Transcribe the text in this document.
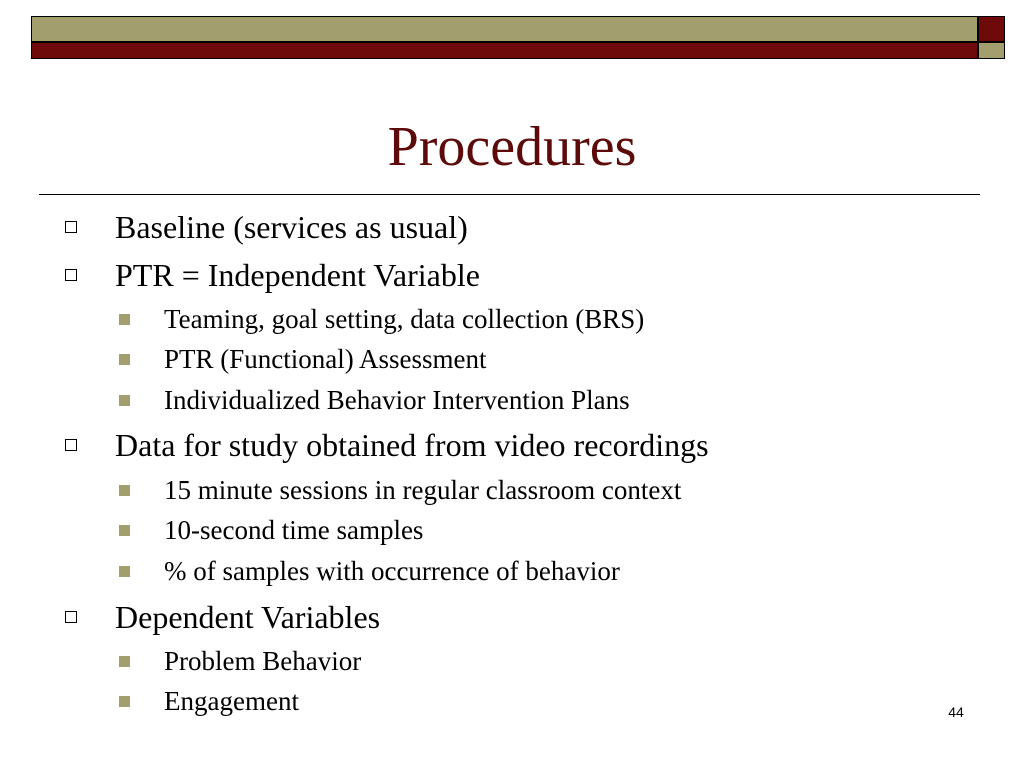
Procedures
Baseline (services as usual)
PTR = Independent Variable
Teaming, goal setting, data collection (BRS)
PTR (Functional) Assessment
Individualized Behavior Intervention Plans
Data for study obtained from video recordings
15 minute sessions in regular classroom context
10-second time samples
% of samples with occurrence of behavior
Dependent Variables
Problem Behavior
Engagement	44
